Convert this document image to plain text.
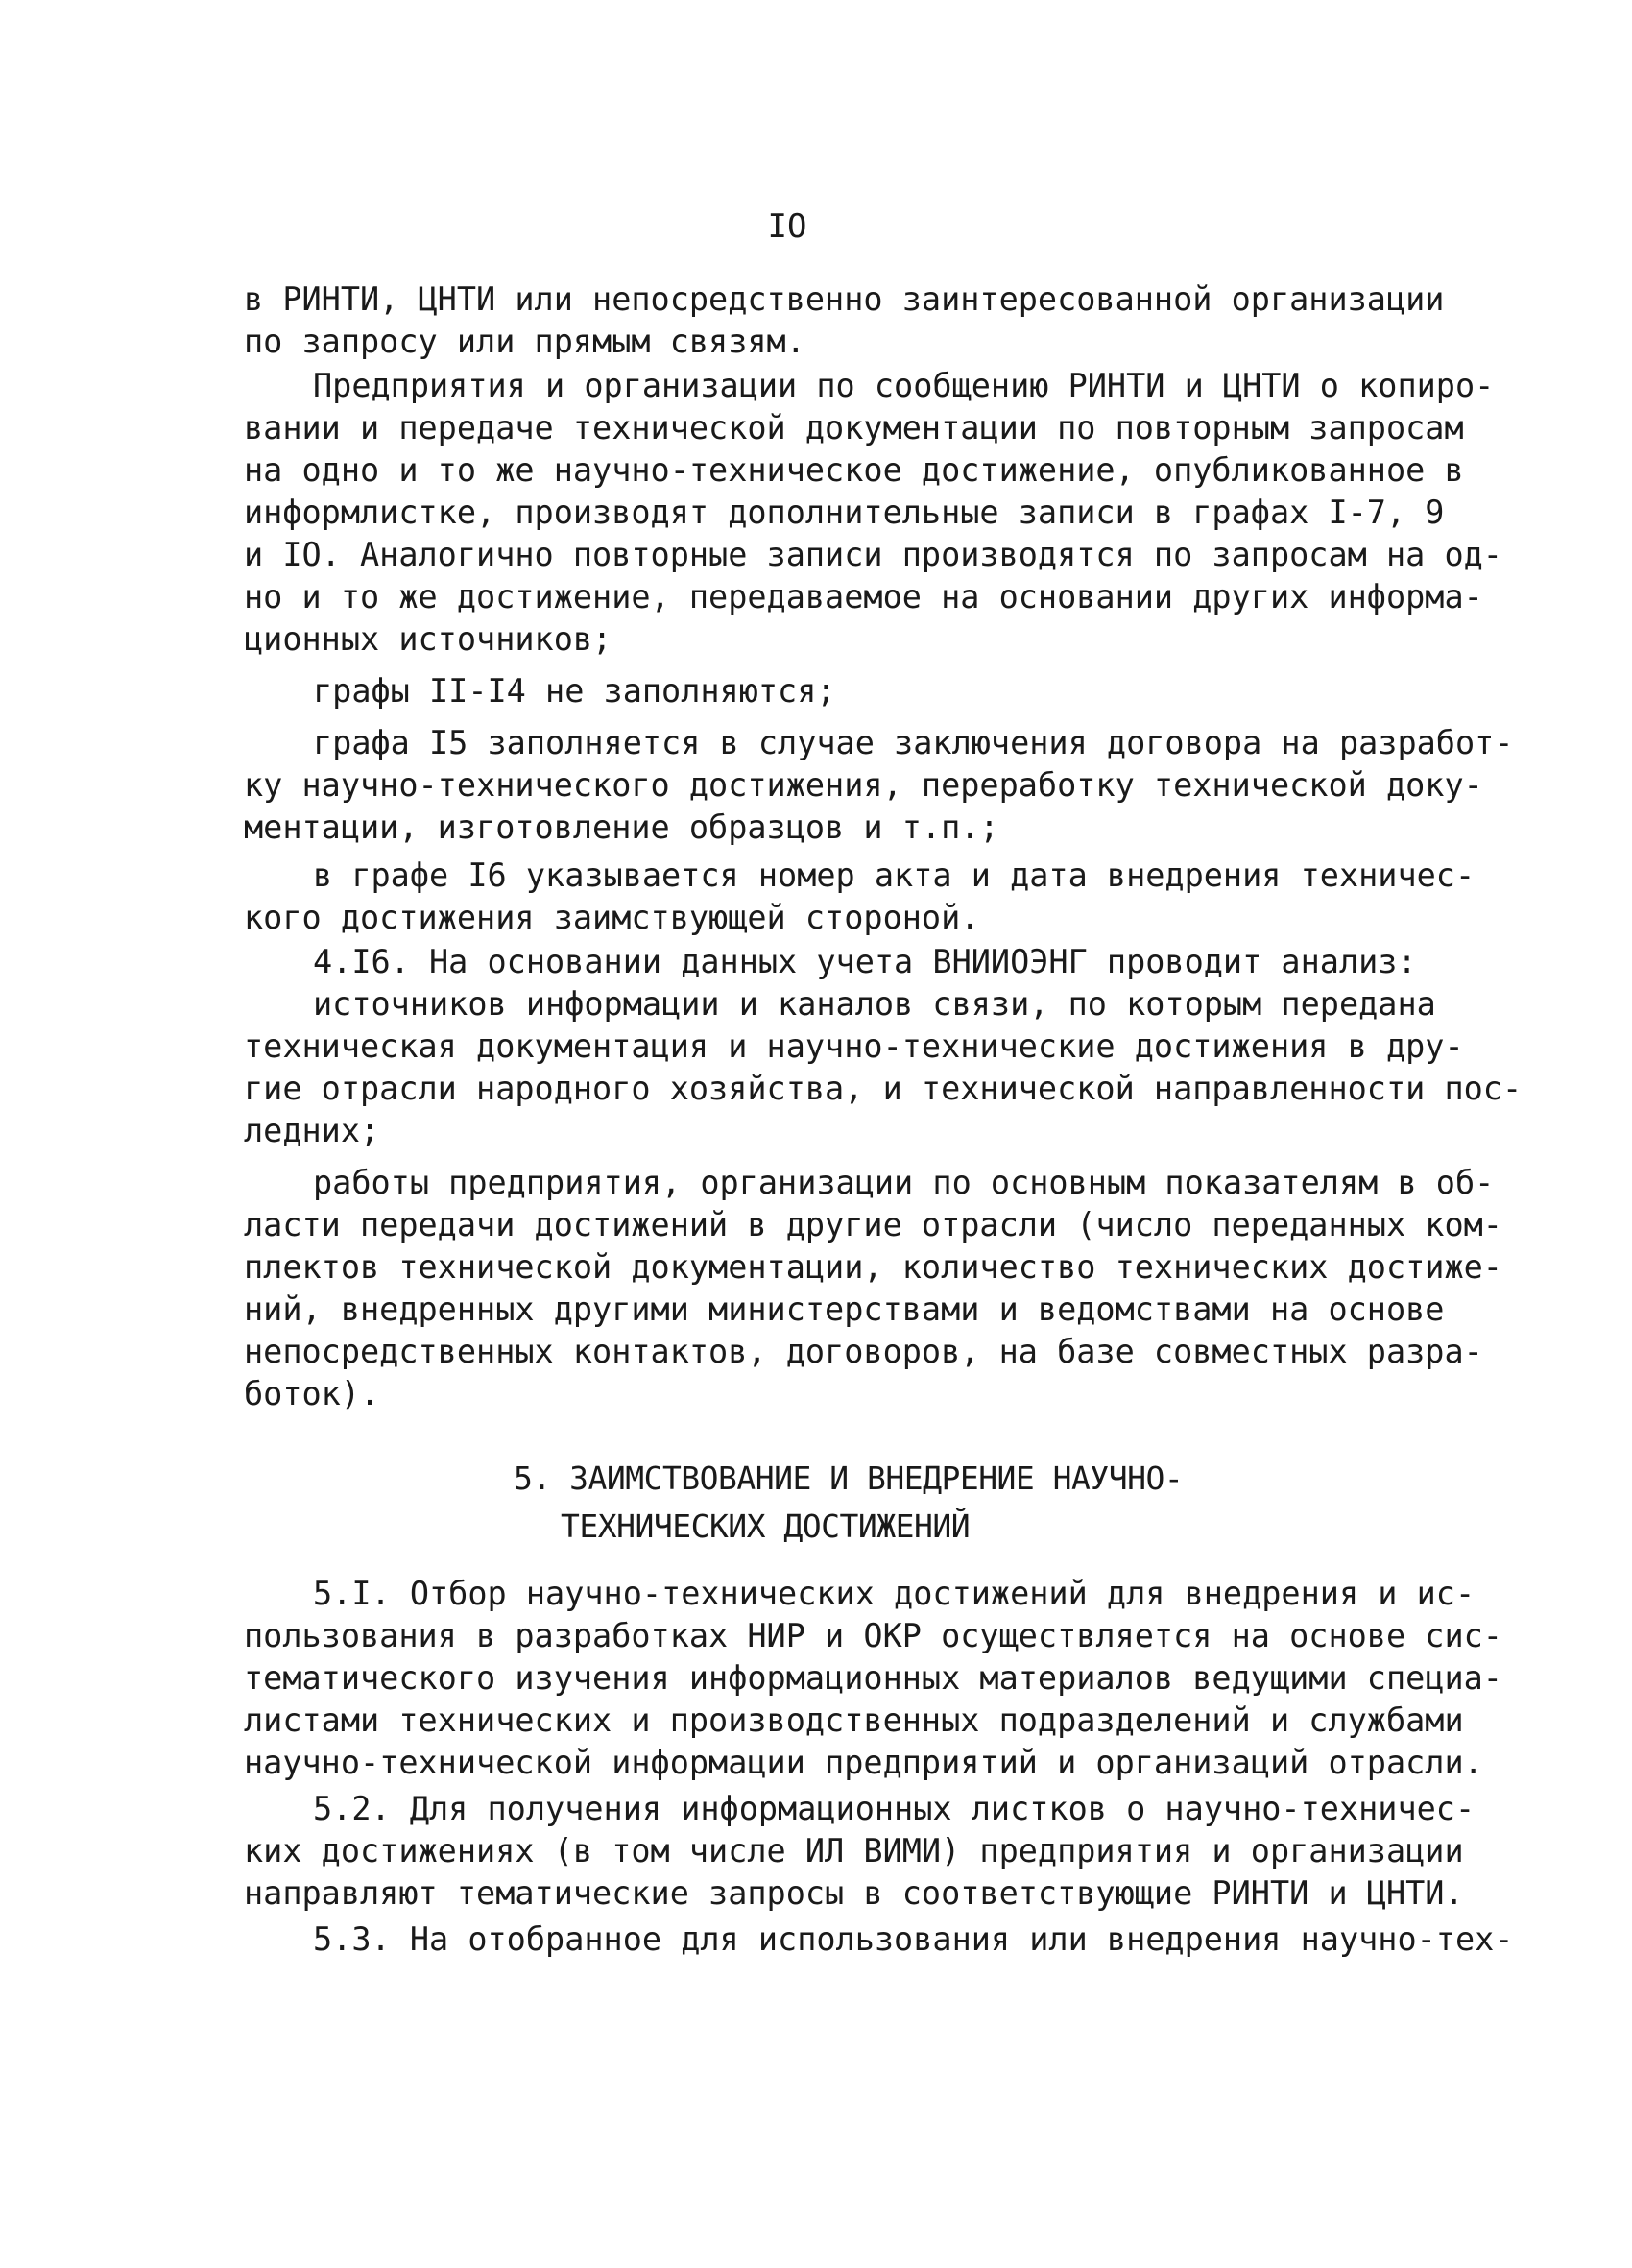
IO
в РИНТИ, ЦНТИ или непосредственно заинтересованной организации
по запросу или прямым связям.
Предприятия и организации по сообщению РИНТИ и ЦНТИ о копиро-
вании и передаче технической документации по повторным запросам
на одно и то же научно-техническое достижение, опубликованное в
информлистке, производят дополнительные записи в графах I-7, 9
и IO. Аналогично повторные записи производятся по запросам на од-
но и то же достижение, передаваемое на основании других информа-
ционных источников;
графы II-I4 не заполняются;
графа I5 заполняется в случае заключения договора на разработ-
ку научно-технического достижения, переработку технической доку-
ментации, изготовление образцов и т.п.;
в графе I6 указывается номер акта и дата внедрения техничес-
кого достижения заимствующей стороной.
4.I6. На основании данных учета ВНИИОЭНГ проводит анализ:
источников информации и каналов связи, по которым передана
техническая документация и научно-технические достижения в дру-
гие отрасли народного хозяйства, и технической направленности пос-
ледних;
работы предприятия, организации по основным показателям в об-
ласти передачи достижений в другие отрасли (число переданных ком-
плектов технической документации, количество технических достиже-
ний, внедренных другими министерствами и ведомствами на основе
непосредственных контактов, договоров, на базе совместных разра-
боток).
5. ЗАИМСТВОВАНИЕ И ВНЕДРЕНИЕ НАУЧНО-
ТЕХНИЧЕСКИХ ДОСТИЖЕНИЙ
5.I. Отбор научно-технических достижений для внедрения и ис-
пользования в разработках НИР и ОКР осуществляется на основе сис-
тематического изучения информационных материалов ведущими специа-
листами технических и производственных подразделений и службами
научно-технической информации предприятий и организаций отрасли.
5.2. Для получения информационных листков о научно-техничес-
ких достижениях (в том числе ИЛ ВИМИ) предприятия и организации
направляют тематические запросы в соответствующие РИНТИ и ЦНТИ.
5.3. На отобранное для использования или внедрения научно-тех-
